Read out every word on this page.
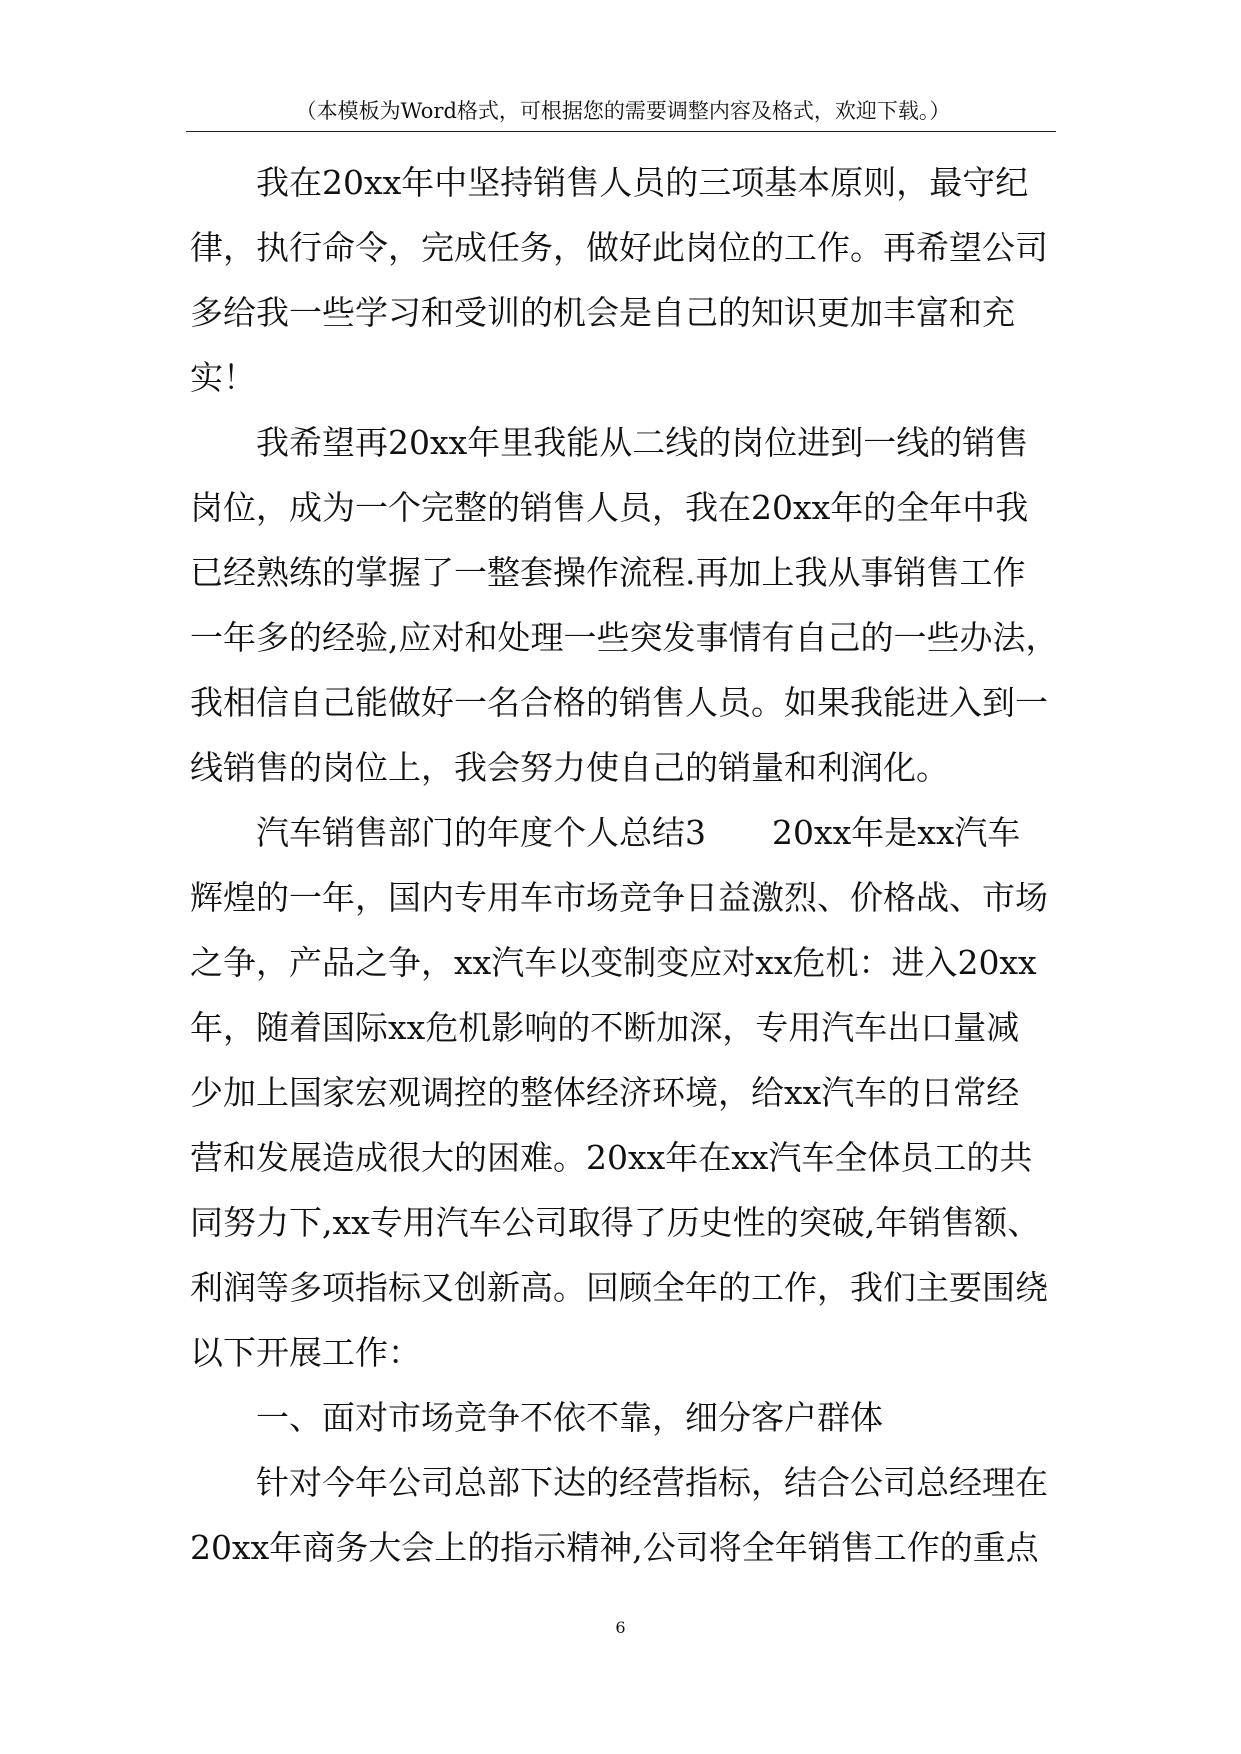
（本模板为Word格式，可根据您的需要调整内容及格式，欢迎下载。）
我在20xx年中坚持销售人员的三项基本原则，最守纪
律，执行命令，完成任务，做好此岗位的工作。再希望公司
多给我一些学习和受训的机会是自己的知识更加丰富和充
实！
我希望再20xx年里我能从二线的岗位进到一线的销售
岗位，成为一个完整的销售人员，我在20xx年的全年中我
已经熟练的掌握了一整套操作流程.再加上我从事销售工作
一年多的经验,应对和处理一些突发事情有自己的一些办法，
我相信自己能做好一名合格的销售人员。如果我能进入到一
线销售的岗位上，我会努力使自己的销量和利润化。
汽车销售部门的年度个人总结3　　20xx年是xx汽车
辉煌的一年，国内专用车市场竞争日益激烈、价格战、市场
之争，产品之争，xx汽车以变制变应对xx危机：进入20xx
年，随着国际xx危机影响的不断加深，专用汽车出口量减
少加上国家宏观调控的整体经济环境，给xx汽车的日常经
营和发展造成很大的困难。20xx年在xx汽车全体员工的共
同努力下,xx专用汽车公司取得了历史性的突破,年销售额、
利润等多项指标又创新高。回顾全年的工作，我们主要围绕
以下开展工作：
一、面对市场竞争不依不靠，细分客户群体
针对今年公司总部下达的经营指标，结合公司总经理在
20xx年商务大会上的指示精神,公司将全年销售工作的重点
6
